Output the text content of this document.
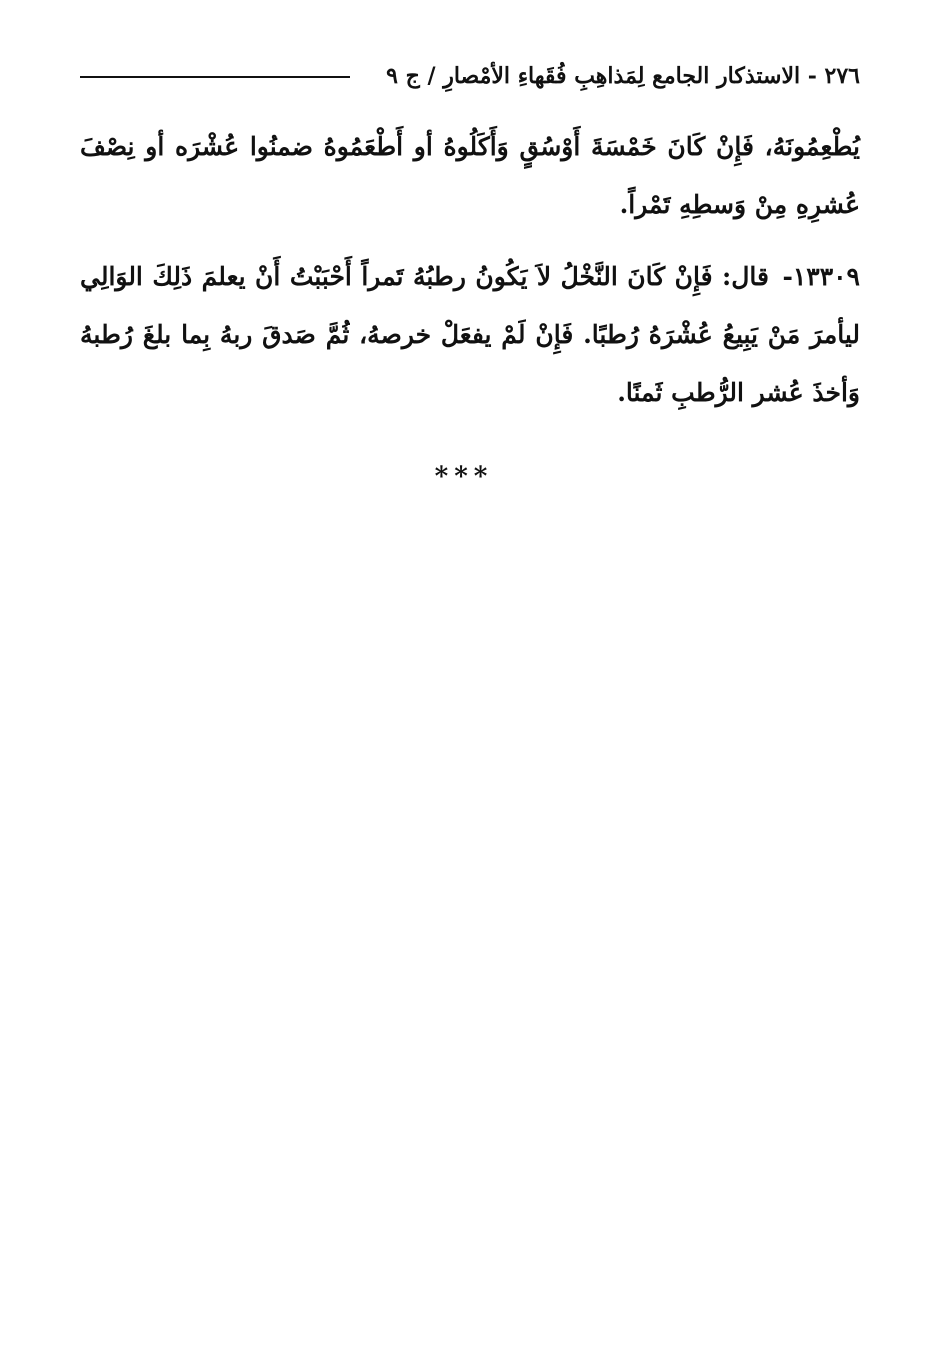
٢٧٦ - الاستذكار الجامع لِمَذاهِبِ فُقَهاءِ الأمْصارِ / ج ٩

يُطْعِمُونَهُ، فَإِنْ كَانَ خَمْسَةَ أَوْسُقٍ وَأَكَلُوهُ أو أَطْعَمُوهُ ضمنُوا عُشْرَه أو نِصْفَ عُشرِهِ مِنْ وَسطِهِ تَمْراً.

١٣٣٠٩- قال: فَإِنْ كَانَ النَّخْلُ لاَ يَكُونُ رطبُهُ تَمراً أَحْبَبْتُ أَنْ يعلمَ ذَلِكَ الوَالِي ليأمرَ مَنْ يَبِيعُ عُشْرَهُ رُطبًا. فَإِنْ لَمْ يفعَلْ خرصهُ، ثُمَّ صَدقَ ربهُ بِما بلغَ رُطبهُ وَأخذَ عُشر الرُّطبِ ثَمنًا.

***
